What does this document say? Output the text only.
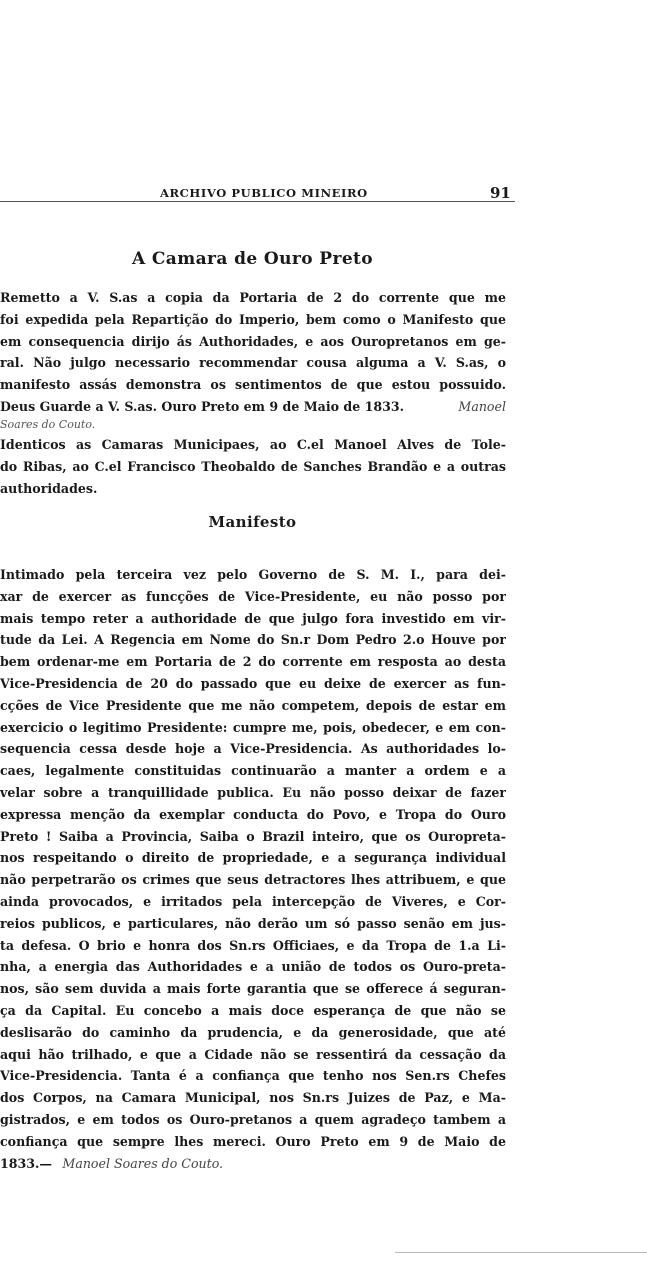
ARCHIVO PUBLICO MINEIRO	91
A Camara de Ouro Preto
Remetto a V. S.as a copia da Portaria de 2 do corrente que me
foi expedida pela Repartição do Imperio, bem como o Manifesto que
em consequencia dirijo ás Authoridades, e aos Ouropretanos em ge-
ral. Não julgo necessario recommendar cousa alguma a V. S.as, o
manifesto assás demonstra os sentimentos de que estou possuido.
Deus Guarde a V. S.as. Ouro Preto em 9 de Maio de 1833.	Manoel
Soares do Couto.
Identicos as Camaras Municipaes, ao C.el Manoel Alves de Tole-
do Ribas, ao C.el Francisco Theobaldo de Sanches Brandão e a outras
authoridades.
Manifesto
Intimado pela terceira vez pelo Governo de S. M. I., para dei-
xar de exercer as funcções de Vice-Presidente, eu não posso por
mais tempo reter a authoridade de que julgo fora investido em vir-
tude da Lei. A Regencia em Nome do Sn.r Dom Pedro 2.o Houve por
bem ordenar-me em Portaria de 2 do corrente em resposta ao desta
Vice-Presidencia de 20 do passado que eu deixe de exercer as fun-
cções de Vice Presidente que me não competem, depois de estar em
exercicio o legitimo Presidente: cumpre me, pois, obedecer, e em con-
sequencia cessa desde hoje a Vice-Presidencia. As authoridades lo-
caes, legalmente constituidas continuarão a manter a ordem e a
velar sobre a tranquillidade publica. Eu não posso deixar de fazer
expressa menção da exemplar conducta do Povo, e Tropa do Ouro
Preto ! Saiba a Provincia, Saiba o Brazil inteiro, que os Ouropreta-
nos respeitando o direito de propriedade, e a segurança individual
não perpetrarão os crimes que seus detractores lhes attribuem, e que
ainda provocados, e irritados pela intercepção de Viveres, e Cor-
reios publicos, e particulares, não derão um só passo senão em jus-
ta defesa. O brio e honra dos Sn.rs Officiaes, e da Tropa de 1.a Li-
nha, a energia das Authoridades e a união de todos os Ouro-preta-
nos, são sem duvida a mais forte garantia que se offerece á seguran-
ça da Capital. Eu concebo a mais doce esperança de que não se
deslisarão do caminho da prudencia, e da generosidade, que até
aqui hão trilhado, e que a Cidade não se ressentirá da cessação da
Vice-Presidencia. Tanta é a confiança que tenho nos Sen.rs Chefes
dos Corpos, na Camara Municipal, nos Sn.rs Juizes de Paz, e Ma-
gistrados, e em todos os Ouro-pretanos a quem agradeço tambem a
confiança que sempre lhes mereci. Ouro Preto em 9 de Maio de
1833.— Manoel Soares do Couto.
